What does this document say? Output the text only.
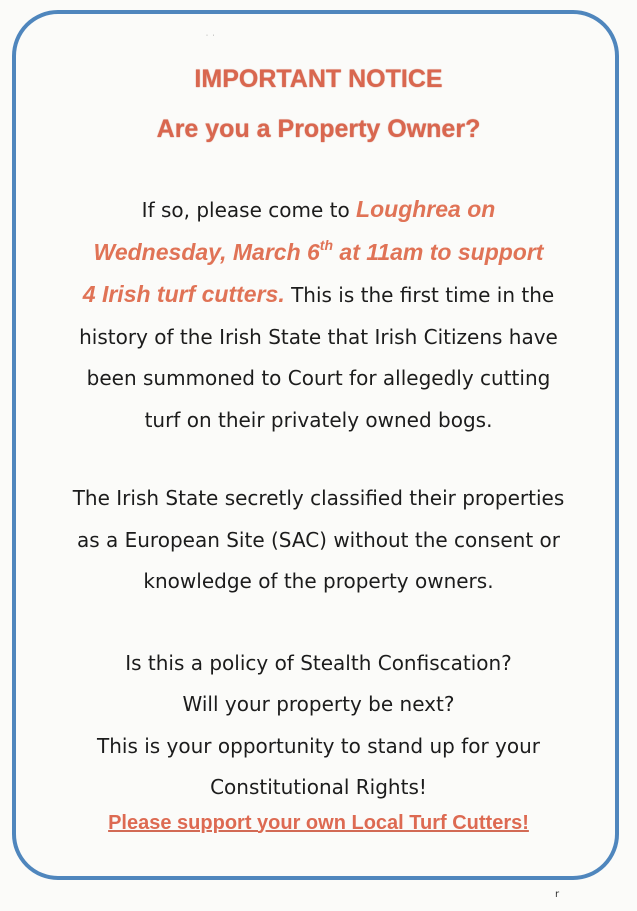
˙ ˙
IMPORTANT NOTICE
Are you a Property Owner?
If so, please come to Loughrea on
Wednesday, March 6th at 11am to support
4 Irish turf cutters. This is the first time in the
history of the Irish State that Irish Citizens have
been summoned to Court for allegedly cutting
turf on their privately owned bogs.
The Irish State secretly classified their properties
as a European Site (SAC) without the consent or
knowledge of the property owners.
Is this a policy of Stealth Confiscation?
Will your property be next?
This is your opportunity to stand up for your
Constitutional Rights!
Please support your own Local Turf Cutters!
r
